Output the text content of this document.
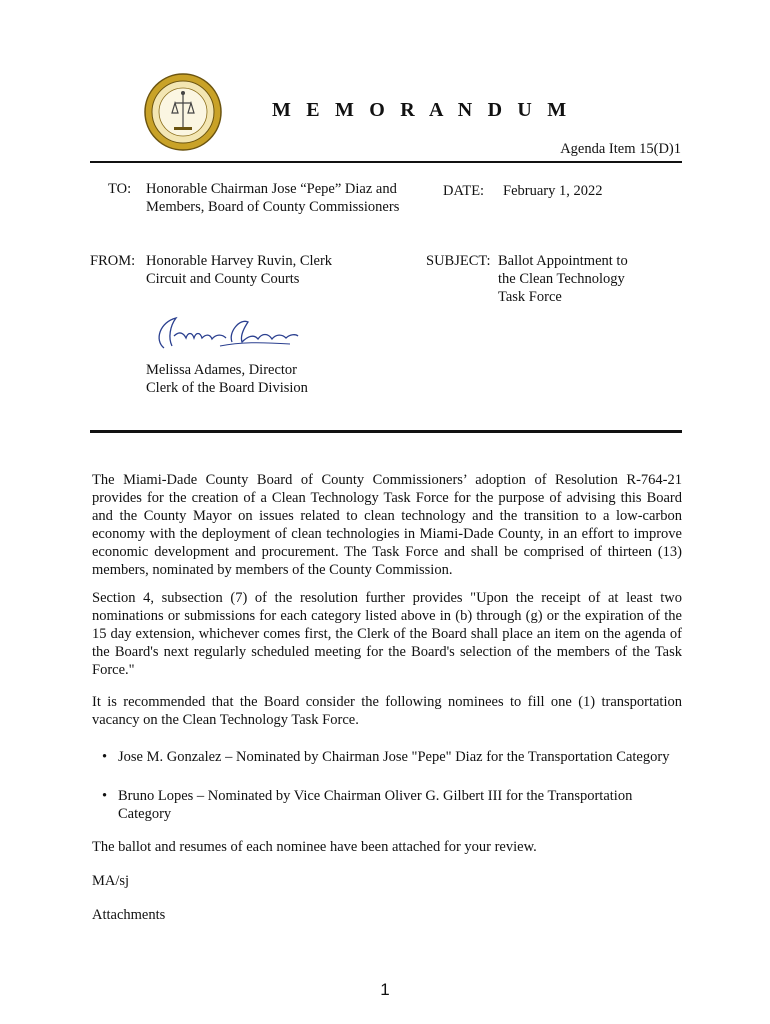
M E M O R A N D U M
Agenda Item 15(D)1
TO: Honorable Chairman Jose “Pepe” Diaz and
Members, Board of County Commissioners
DATE: February 1, 2022
FROM: Honorable Harvey Ruvin, Clerk
Circuit and County Courts
SUBJECT: Ballot Appointment to
the Clean Technology
Task Force
Melissa Adames, Director
Clerk of the Board Division
The Miami-Dade County Board of County Commissioners’ adoption of Resolution R-764-21 provides for the creation of a Clean Technology Task Force for the purpose of advising this Board and the County Mayor on issues related to clean technology and the transition to a low-carbon economy with the deployment of clean technologies in Miami-Dade County, in an effort to improve economic development and procurement. The Task Force and shall be comprised of thirteen (13) members, nominated by members of the County Commission.
Section 4, subsection (7) of the resolution further provides "Upon the receipt of at least two nominations or submissions for each category listed above in (b) through (g) or the expiration of the 15 day extension, whichever comes first, the Clerk of the Board shall place an item on the agenda of the Board's next regularly scheduled meeting for the Board's selection of the members of the Task Force."
It is recommended that the Board consider the following nominees to fill one (1) transportation vacancy on the Clean Technology Task Force.
• Jose M. Gonzalez – Nominated by Chairman Jose "Pepe" Diaz for the Transportation Category
• Bruno Lopes – Nominated by Vice Chairman Oliver G. Gilbert III for the Transportation Category
The ballot and resumes of each nominee have been attached for your review.
MA/sj
Attachments
1
